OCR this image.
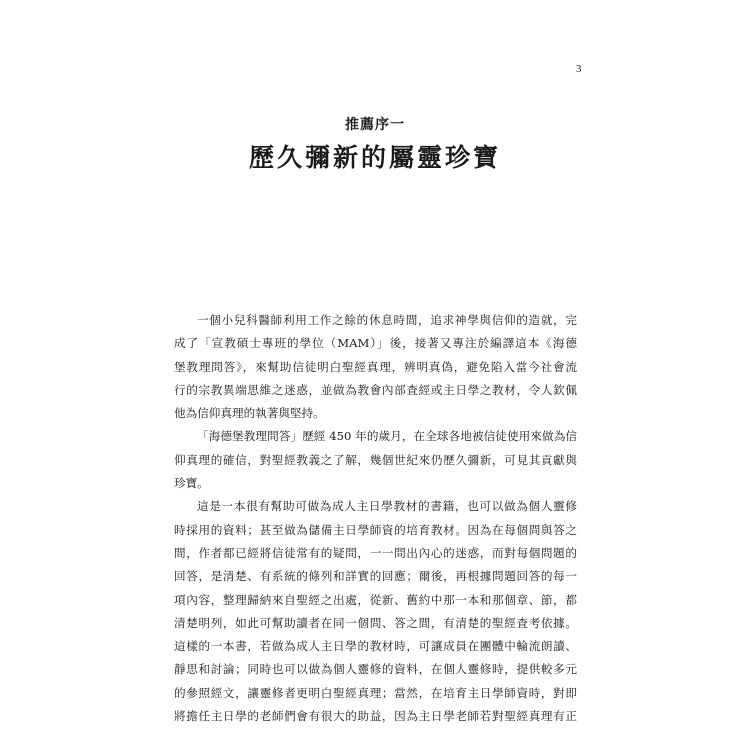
3
推薦序一
歷久彌新的屬靈珍寶
一個小兒科醫師利用工作之餘的休息時間，追求神學與信仰的造就，完
成了「宣教碩士專班的學位（MAM）」後，接著又專注於編譯這本《海德
堡教理問答》，來幫助信徒明白聖經真理，辨明真偽，避免陷入當今社會流
行的宗教異端思維之迷惑，並做為教會內部査經或主日學之教材，令人欽佩
他為信仰真理的執著與堅持。
「海德堡教理問答」歷經 450 年的歲月，在全球各地被信徒使用來做為信
仰真理的確信，對聖經教義之了解，幾個世紀來仍歷久彌新，可見其貢獻與
珍寶。
這是一本很有幫助可做為成人主日學教材的書籍，也可以做為個人靈修
時採用的資料；甚至做為儲備主日學師資的培育教材。因為在每個問與答之
間，作者都已經將信徒常有的疑問，一一問出內心的迷惑，而對每個問題的
回答，是清楚、有系統的條列和詳實的回應；爾後，再根據問題回答的每一
項內容，整理歸納來自聖經之出處，從新、舊約中那一本和那個章、節，都
清楚明列，如此可幫助讀者在同一個問、答之間，有清楚的聖經査考依據。
這樣的一本書，若做為成人主日學的教材時，可讓成員在團體中輪流朗讀、
靜思和討論；同時也可以做為個人靈修的資料，在個人靈修時，提供較多元
的參照經文，讓靈修者更明白聖經真理；當然，在培育主日學師資時，對即
將擔任主日學的老師們會有很大的助益，因為主日學老師若對聖經真理有正
